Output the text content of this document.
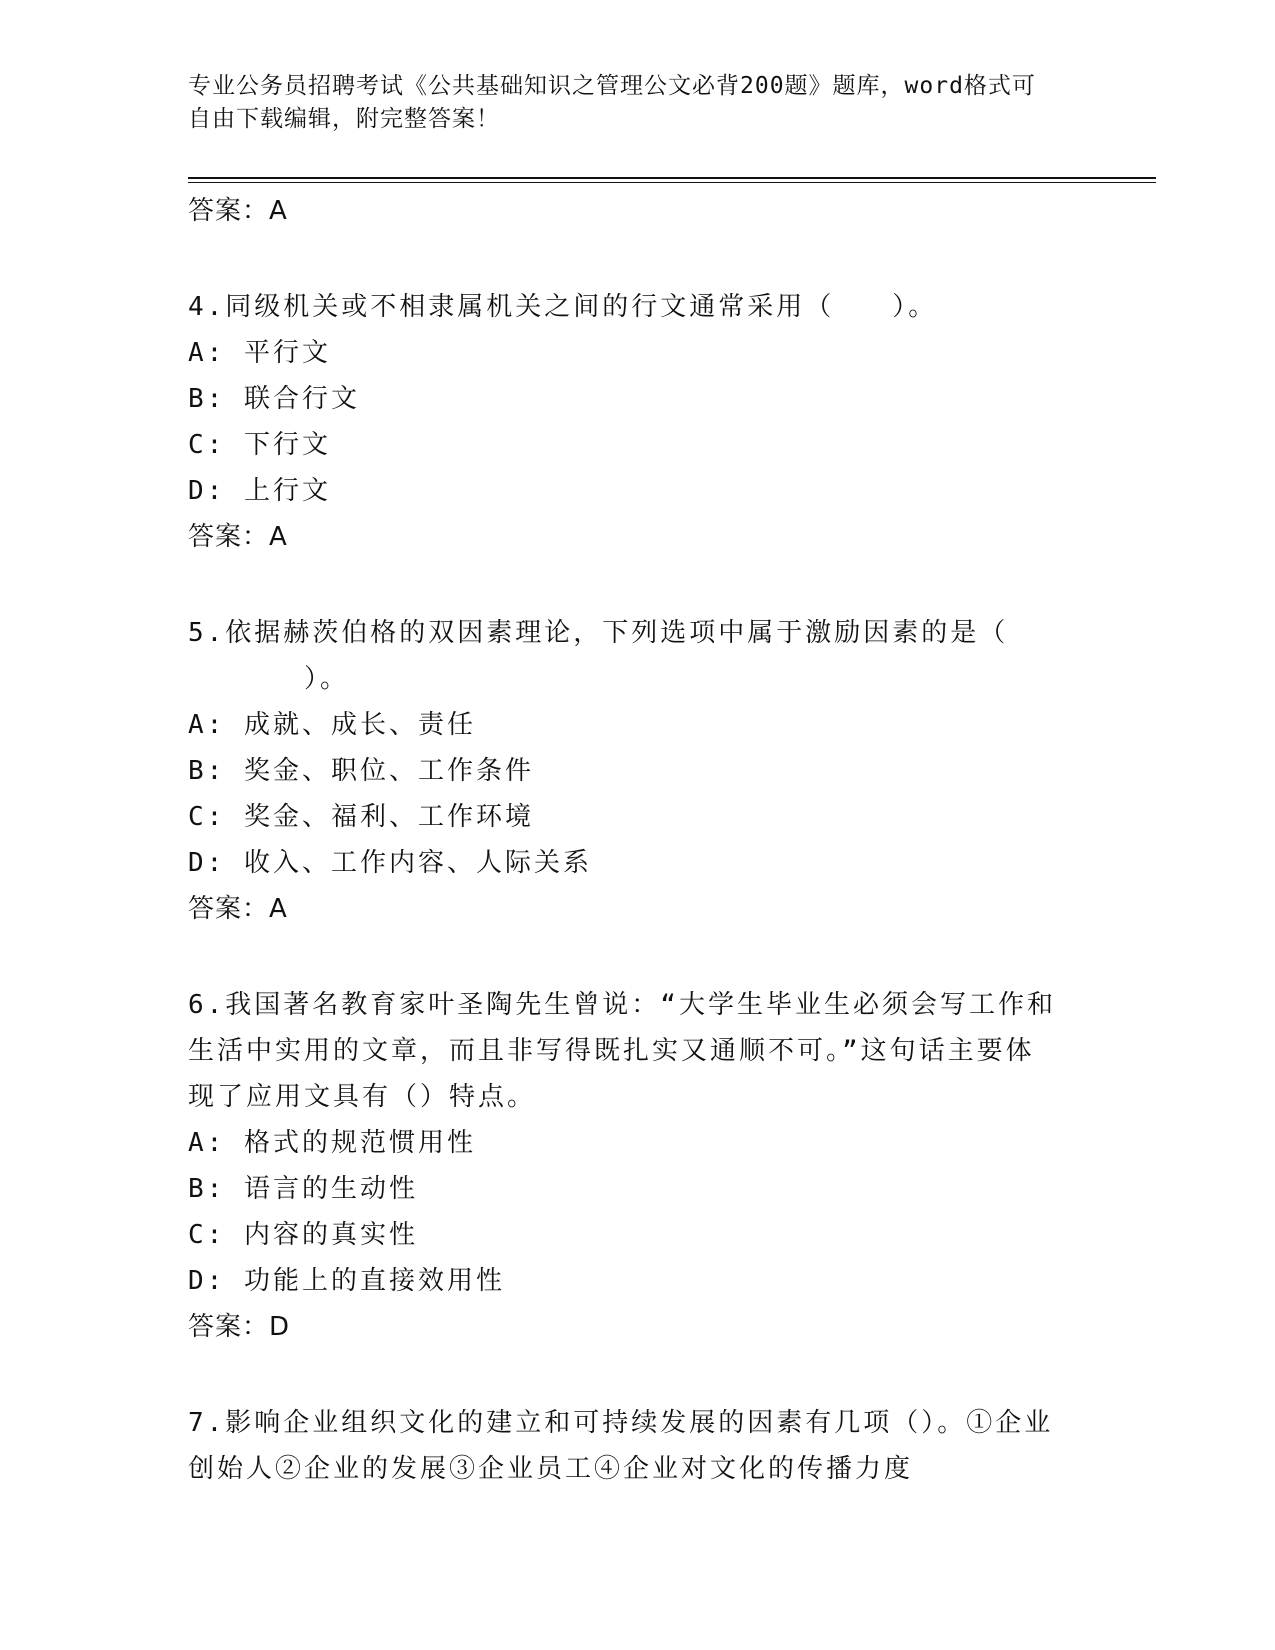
专业公务员招聘考试《公共基础知识之管理公文必背200题》题库，word格式可
自由下载编辑，附完整答案！
答案：A
4.同级机关或不相隶属机关之间的行文通常采用（　　）。
A: 平行文
B: 联合行文
C: 下行文
D: 上行文
答案：A
5.依据赫茨伯格的双因素理论，下列选项中属于激励因素的是（
）。
A: 成就、成长、责任
B: 奖金、职位、工作条件
C: 奖金、福利、工作环境
D: 收入、工作内容、人际关系
答案：A
6.我国著名教育家叶圣陶先生曾说：“大学生毕业生必须会写工作和
生活中实用的文章，而且非写得既扎实又通顺不可。”这句话主要体
现了应用文具有（）特点。
A: 格式的规范惯用性
B: 语言的生动性
C: 内容的真实性
D: 功能上的直接效用性
答案：D
7.影响企业组织文化的建立和可持续发展的因素有几项（）。①企业
创始人②企业的发展③企业员工④企业对文化的传播力度
